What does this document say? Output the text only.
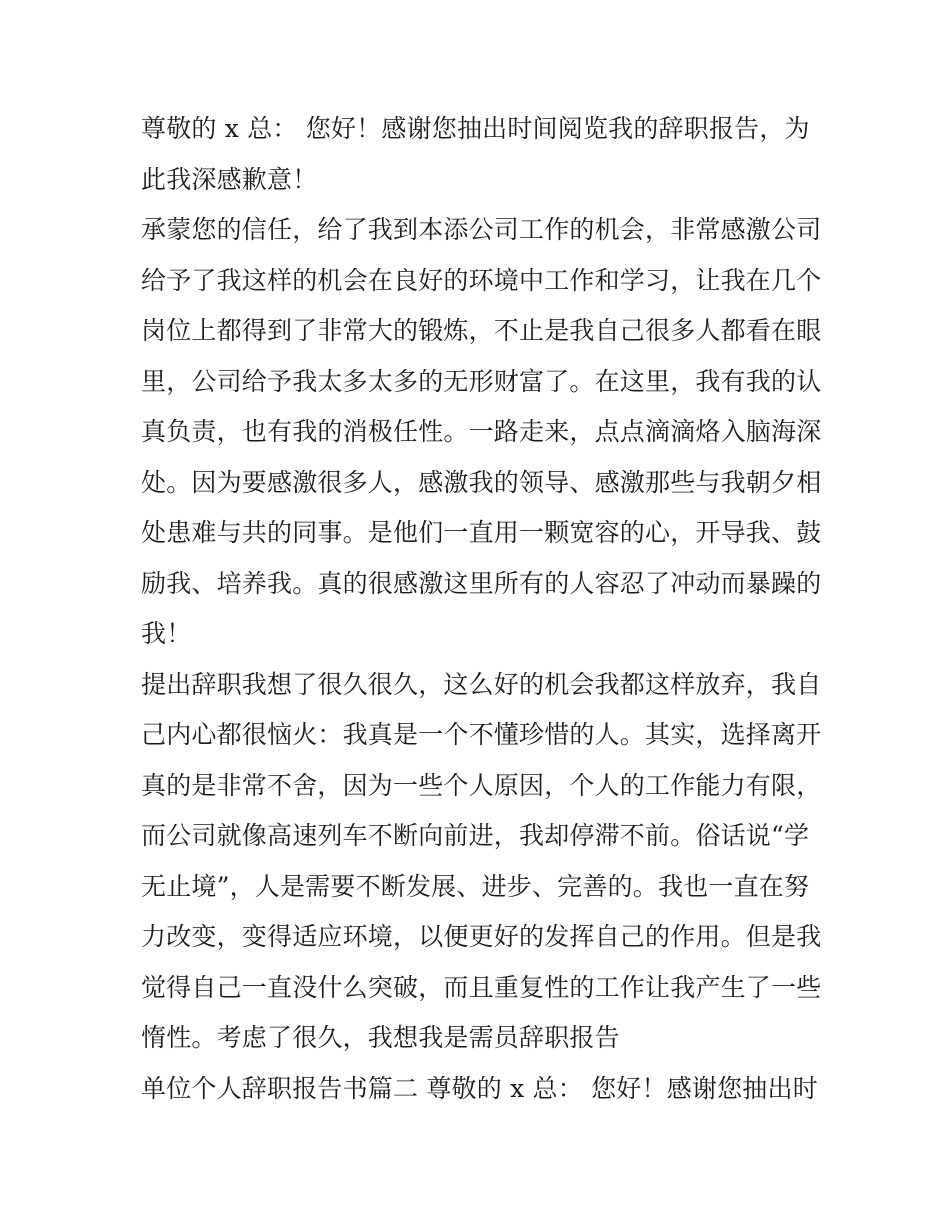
尊敬的 x 总： 您好！感谢您抽出时间阅览我的辞职报告，为
此我深感歉意！
承蒙您的信任，给了我到本添公司工作的机会，非常感激公司
给予了我这样的机会在良好的环境中工作和学习，让我在几个
岗位上都得到了非常大的锻炼，不止是我自己很多人都看在眼
里，公司给予我太多太多的无形财富了。在这里，我有我的认
真负责，也有我的消极任性。一路走来，点点滴滴烙入脑海深
处。因为要感激很多人，感激我的领导、感激那些与我朝夕相
处患难与共的同事。是他们一直用一颗宽容的心，开导我、鼓
励我、培养我。真的很感激这里所有的人容忍了冲动而暴躁的
我！
提出辞职我想了很久很久，这么好的机会我都这样放弃，我自
己内心都很恼火：我真是一个不懂珍惜的人。其实，选择离开
真的是非常不舍，因为一些个人原因，个人的工作能力有限，
而公司就像高速列车不断向前进，我却停滞不前。俗话说“学
无止境”，人是需要不断发展、进步、完善的。我也一直在努
力改变，变得适应环境，以便更好的发挥自己的作用。但是我
觉得自己一直没什么突破，而且重复性的工作让我产生了一些
惰性。考虑了很久，我想我是需员辞职报告
单位个人辞职报告书篇二 尊敬的 x 总： 您好！感谢您抽出时
